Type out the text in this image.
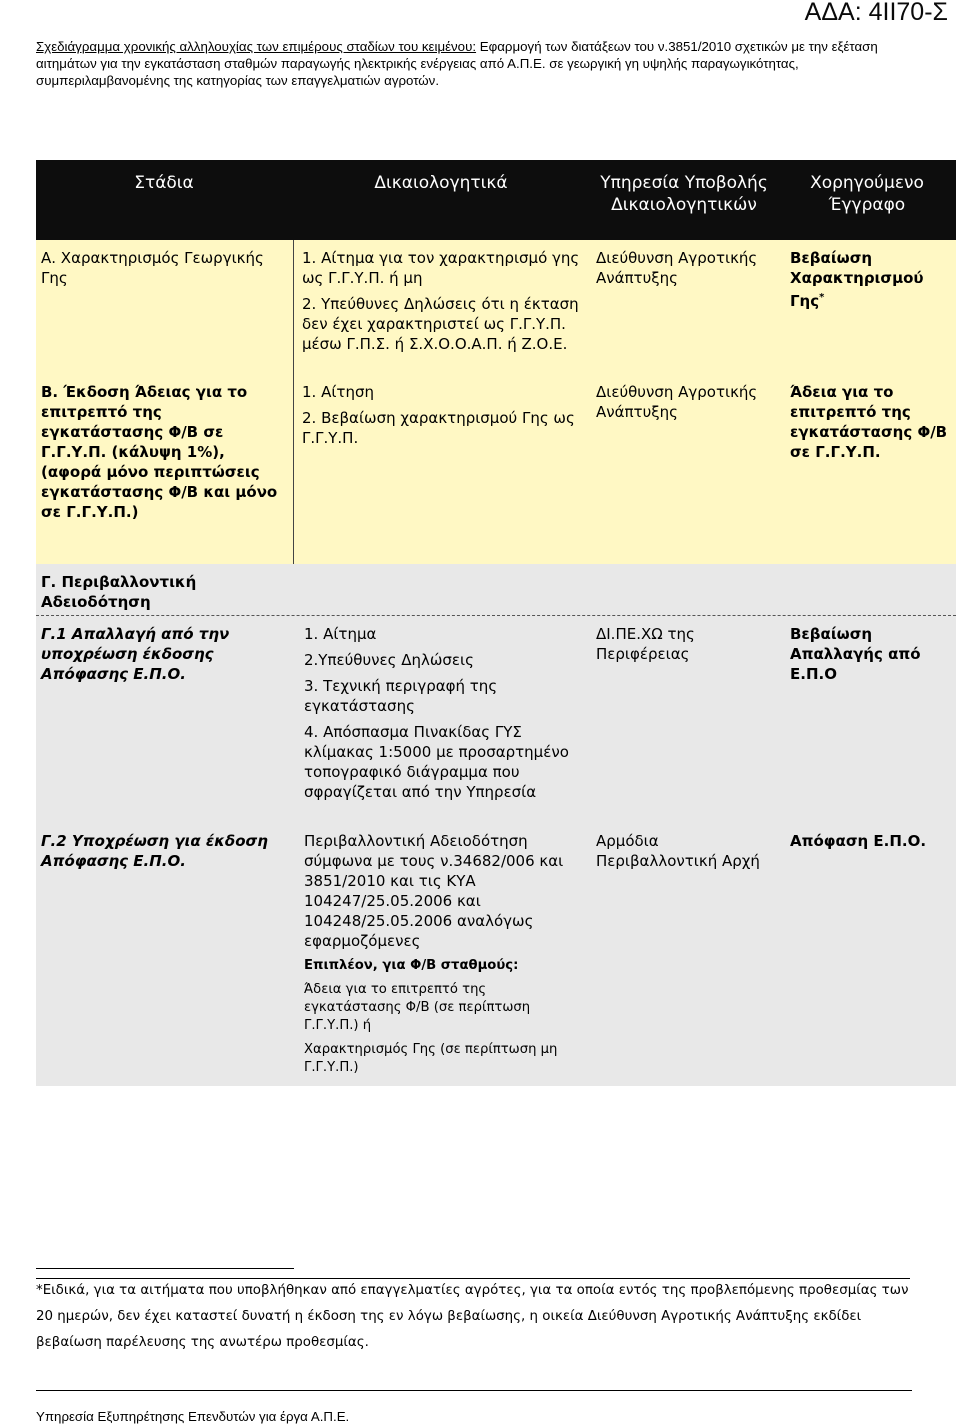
ΑΔΑ: 4ΙΙ70-Σ
Σχεδιάγραμμα χρονικής αλληλουχίας των επιμέρους σταδίων του κειμένου: Εφαρμογή των διατάξεων του ν.3851/2010 σχετικών με την εξέταση αιτημάτων για την εγκατάσταση σταθμών παραγωγής ηλεκτρικής ενέργειας από Α.Π.Ε. σε γεωργική γη υψηλής παραγωγικότητας, συμπεριλαμβανομένης της κατηγορίας των επαγγελματιών αγροτών.
Στάδια	Δικαιολογητικά	Υπηρεσία Υποβολής Δικαιολογητικών
Χορηγούμενο Έγγραφο
Α. Χαρακτηρισμός Γεωργικής Γης

1. Αίτημα για τον χαρακτηρισμό γης ως Γ.Γ.Υ.Π. ή μη

2. Υπεύθυνες Δηλώσεις ότι η έκταση δεν έχει χαρακτηριστεί ως Γ.Γ.Υ.Π. μέσω Γ.Π.Σ. ή Σ.Χ.Ο.Ο.Α.Π. ή Ζ.Ο.Ε.

Διεύθυνση Αγροτικής Ανάπτυξης
Βεβαίωση Χαρακτηρισμού Γης*
Β. Έκδοση Άδειας για το επιτρεπτό της εγκατάστασης Φ/Β σε Γ.Γ.Υ.Π. (κάλυψη 1%), (αφορά μόνο περιπτώσεις εγκατάστασης Φ/Β και μόνο σε Γ.Γ.Υ.Π.)

1. Αίτηση

2. Βεβαίωση χαρακτηρισμού Γης ως Γ.Γ.Υ.Π.

Διεύθυνση Αγροτικής Ανάπτυξης
Άδεια για το επιτρεπτό της εγκατάστασης Φ/Β σε Γ.Γ.Υ.Π.
Γ. Περιβαλλοντική Αδειοδότηση
Γ.1 Απαλλαγή από την υποχρέωση έκδοσης Απόφασης Ε.Π.Ο.

1. Αίτημα

2.Υπεύθυνες Δηλώσεις

3. Τεχνική περιγραφή της εγκατάστασης

4. Απόσπασμα Πινακίδας ΓΥΣ κλίμακας 1:5000 με προσαρτημένο τοπογραφικό διάγραμμα που σφραγίζεται από την Υπηρεσία

ΔΙ.ΠΕ.ΧΩ της Περιφέρειας
Βεβαίωση Απαλλαγής από Ε.Π.Ο
Γ.2 Υποχρέωση για έκδοση Απόφασης Ε.Π.Ο.

Περιβαλλοντική Αδειοδότηση σύμφωνα με τους ν.34682/006 και 3851/2010 και τις ΚΥΑ 104247/25.05.2006 και 104248/25.05.2006 αναλόγως εφαρμοζόμενες

Επιπλέον, για Φ/Β σταθμούς:

Άδεια για το επιτρεπτό της εγκατάστασης Φ/Β (σε περίπτωση Γ.Γ.Υ.Π.) ή

Χαρακτηρισμός Γης (σε περίπτωση μη Γ.Γ.Υ.Π.)

Αρμόδια Περιβαλλοντική Αρχή
Απόφαση Ε.Π.Ο.
*Ειδικά, για τα αιτήματα που υποβλήθηκαν από επαγγελματίες αγρότες, για τα οποία εντός της προβλεπόμενης προθεσμίας των 20 ημερών, δεν έχει καταστεί δυνατή η έκδοση της εν λόγω βεβαίωσης, η οικεία Διεύθυνση Αγροτικής Ανάπτυξης εκδίδει βεβαίωση παρέλευσης της ανωτέρω προθεσμίας.
Υπηρεσία Εξυπηρέτησης Επενδυτών για έργα Α.Π.Ε.
